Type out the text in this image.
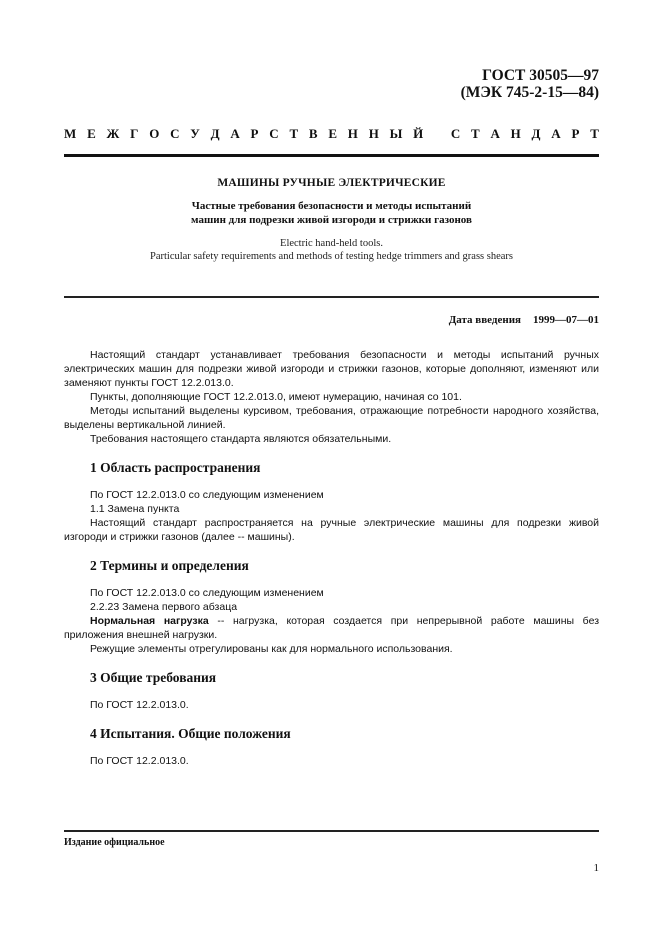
ГОСТ 30505—97
(МЭК 745-2-15—84)
М Е Ж Г О С У Д А Р С Т В Е Н Н Ы Й С Т А Н Д А Р Т
МАШИНЫ РУЧНЫЕ ЭЛЕКТРИЧЕСКИЕ
Частные требования безопасности и методы испытаний
машин для подрезки живой изгороди и стрижки газонов
Electric hand-held tools.
Particular safety requirements and methods of testing hedge trimmers and grass shears
Дата введения 1999—07—01

Настоящий стандарт устанавливает требования безопасности и методы испытаний ручных электрических машин для подрезки живой изгороди и стрижки газонов, которые дополняют, изменяют или заменяют пункты ГОСТ 12.2.013.0.

Пункты, дополняющие ГОСТ 12.2.013.0, имеют нумерацию, начиная со 101.

Методы испытаний выделены курсивом, требования, отражающие потребности народного хозяйства, выделены вертикальной линией.

Требования настоящего стандарта являются обязательными.

1 Область распространения

По ГОСТ 12.2.013.0 со следующим изменением

1.1 Замена пункта

Настоящий стандарт распространяется на ручные электрические машины для подрезки живой изгороди и стрижки газонов (далее -- машины).

2 Термины и определения

По ГОСТ 12.2.013.0 со следующим изменением

2.2.23 Замена первого абзаца

Нормальная нагрузка -- нагрузка, которая создается при непрерывной работе машины без приложения внешней нагрузки.

Режущие элементы отрегулированы как для нормального использования.

3 Общие требования

По ГОСТ 12.2.013.0.

4 Испытания. Общие положения

По ГОСТ 12.2.013.0.

Издание официальное
1
